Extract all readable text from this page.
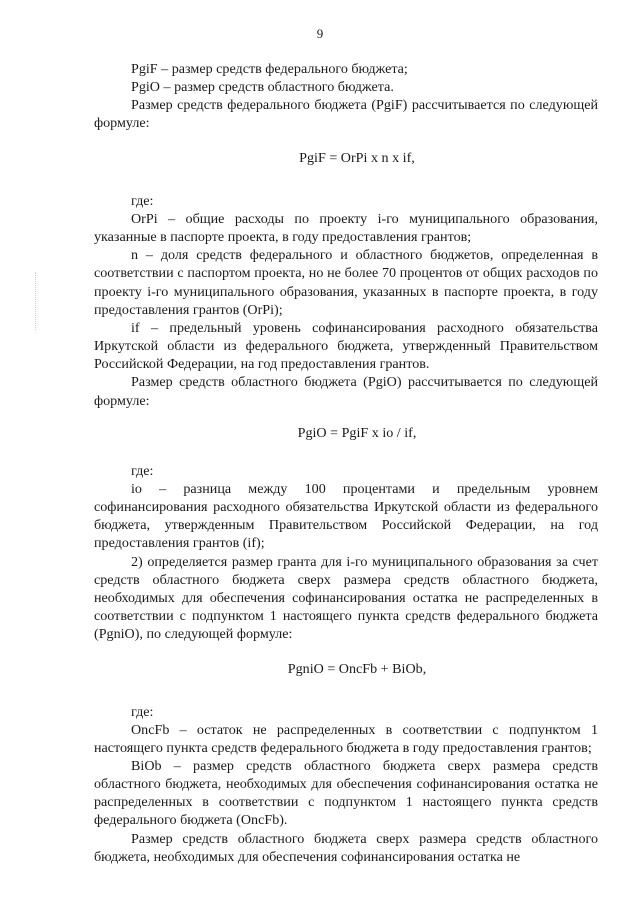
9

PgiF – размер средств федерального бюджета;

PgiO – размер средств областного бюджета.

Размер средств федерального бюджета (PgiF) рассчитывается по следующей формуле:

PgiF = OrPi x n x if,

где:

OrPi – общие расходы по проекту i-го муниципального образования, указанные в паспорте проекта, в году предоставления грантов;

n – доля средств федерального и областного бюджетов, определенная в соответствии с паспортом проекта, но не более 70 процентов от общих расходов по проекту i-го муниципального образования, указанных в паспорте проекта, в году предоставления грантов (OrPi);

if – предельный уровень софинансирования расходного обязательства Иркутской области из федерального бюджета, утвержденный Правительством Российской Федерации, на год предоставления грантов.

Размер средств областного бюджета (PgiO) рассчитывается по следующей формуле:

PgiO = PgiF x io / if,

где:

io – разница между 100 процентами и предельным уровнем софинансирования расходного обязательства Иркутской области из федерального бюджета, утвержденным Правительством Российской Федерации, на год предоставления грантов (if);

2) определяется размер гранта для i-го муниципального образования за счет средств областного бюджета сверх размера средств областного бюджета, необходимых для обеспечения софинансирования остатка не распределенных в соответствии с подпунктом 1 настоящего пункта средств федерального бюджета (PgniO), по следующей формуле:

PgniO = OncFb + BiOb,

где:

OncFb – остаток не распределенных в соответствии с подпунктом 1 настоящего пункта средств федерального бюджета в году предоставления грантов;

BiOb – размер средств областного бюджета сверх размера средств областного бюджета, необходимых для обеспечения софинансирования остатка не распределенных в соответствии с подпунктом 1 настоящего пункта средств федерального бюджета (OncFb).

Размер средств областного бюджета сверх размера средств областного бюджета, необходимых для обеспечения софинансирования остатка не
